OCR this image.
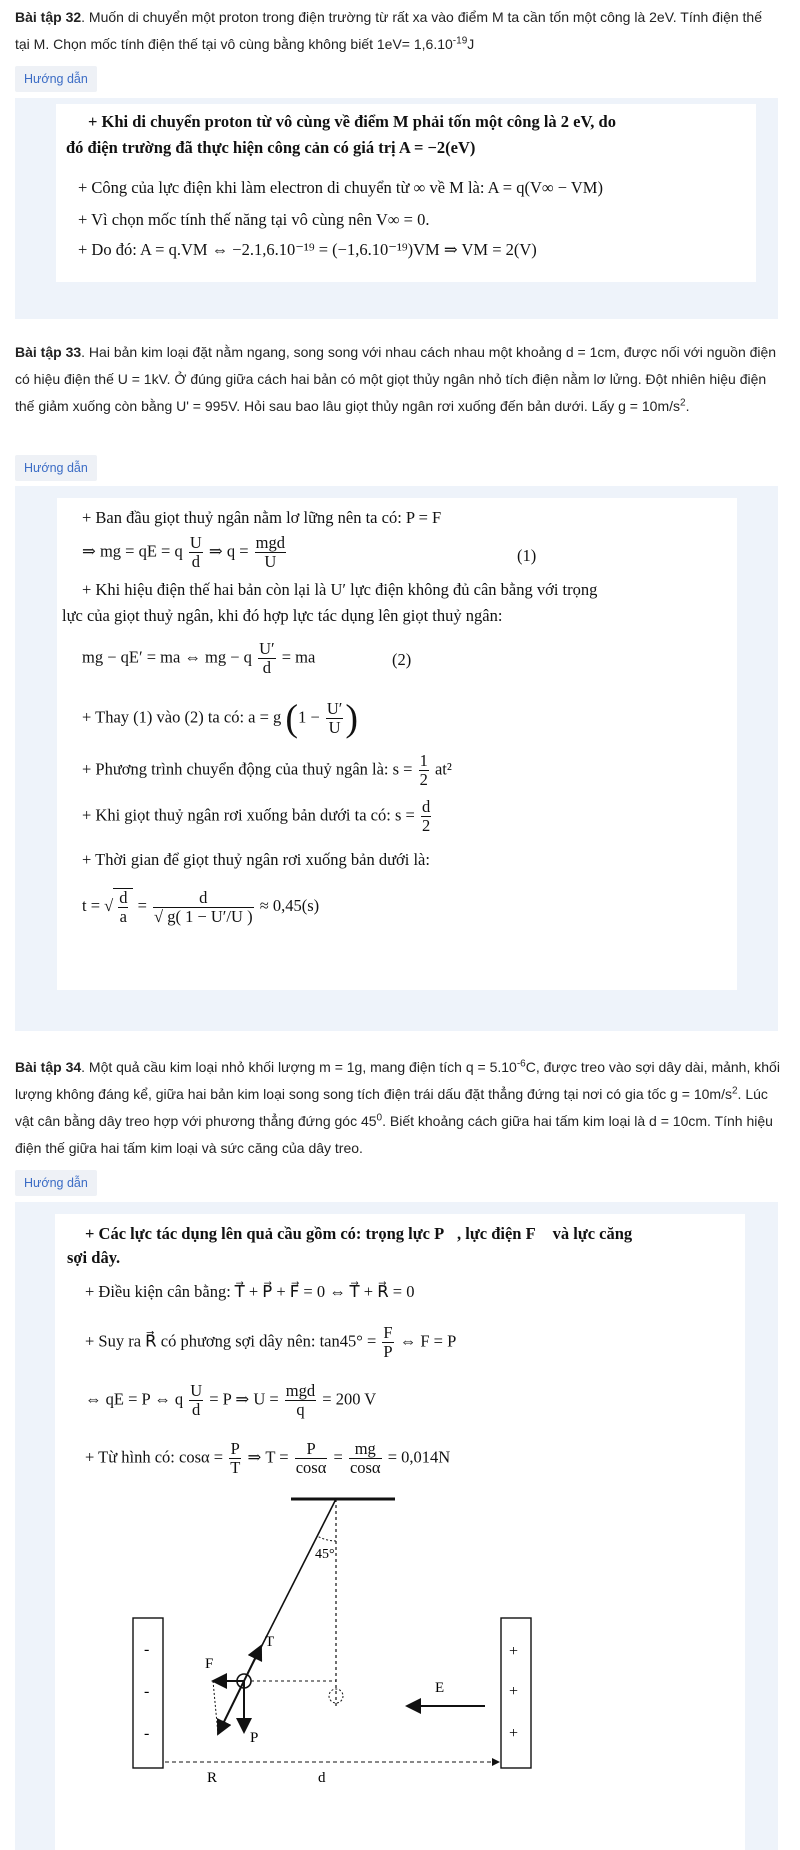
Bài tập 32. Muốn di chuyển một proton trong điện trường từ rất xa vào điểm M ta cần tốn một công là 2eV. Tính điện thế tại M. Chọn mốc tính điện thế tại vô cùng bằng không biết $1eV= 1,6.10^{-19}J$
Hướng dẫn
+ Khi di chuyển proton từ vô cùng về điểm M phải tốn một công là 2 eV, do
đó điện trường đã thực hiện công cản có giá trị A = −2(eV)
+ Công của lực điện khi làm electron di chuyển từ ∞ về M là: A = q(V∞ − VM)
+ Vì chọn mốc tính thế năng tại vô cùng nên V∞ = 0.
+ Do đó: A = q.VM ⇔ −2.1,6.10⁻¹⁹ = (−1,6.10⁻¹⁹)VM ⇒ VM = 2(V)
Bài tập 33. Hai bản kim loại đặt nằm ngang, song song với nhau cách nhau một khoảng d = 1cm, được nối với nguồn điện có hiệu điện thế U = 1kV. Ở đúng giữa cách hai bản có một giọt thủy ngân nhỏ tích điện nằm lơ lửng. Đột nhiên hiệu điện thế giảm xuống còn bằng U' = 995V. Hỏi sau bao lâu giọt thủy ngân rơi xuống đến bản dưới. Lấy $g = 10m/s^2$.
Hướng dẫn
+ Ban đầu giọt thuỷ ngân nằm lơ lững nên ta có: P = F
⇒ mg = qE = q $\frac{U}{d}$ ⇒ $q = \frac{\text{mgd}}{U}$	(1)
+ Khi hiệu điện thế hai bản còn lại là U′ lực điện không đủ cân bằng với trọng
lực của giọt thuỷ ngân, khi đó hợp lực tác dụng lên giọt thuỷ ngân:
mg − qE′ = ma ⇔ mg − q $\frac{U'}{d}$ = ma	(2)
+ Thay (1) vào (2) ta có: a = g ($1 - \frac{U'}{U}$ )
+ Phương trình chuyển động của thuỷ ngân là: $s = \frac{1}{2} at^2$
+ Khi giọt thuỷ ngân rơi xuống bản dưới ta có: $s = \frac{d}{2}$
+ Thời gian để giọt thuỷ ngân rơi xuống bản dưới là:
t = √ $\frac{d}{a} = \frac{d}{√ g( 1 - U'/U )} \approx 0,45(s)$
Bài tập 34. Một quả cầu kim loại nhỏ khối lượng m = 1g, mang điện tích $q = 5.10^{-6}C$, được treo vào sợi dây dài, mảnh, khối lượng không đáng kể, giữa hai bản kim loại song song tích điện trái dấu đặt thẳng đứng tại nơi có gia tốc $g = 10m/s^2$. Lúc vật cân bằng dây treo hợp với phương thẳng đứng góc $45^0$. Biết khoảng cách giữa hai tấm kim loại là d = 10cm. Tính hiệu điện thế giữa hai tấm kim loại và sức căng của dây treo.
Hướng dẫn
+ Các lực tác dụng lên quả cầu gồm có: trọng lực P⃗, lực điện F⃗ và lực căng
sợi dây.
+ Điều kiện cân bằng: T⃗ + P⃗ + F⃗ = 0 ⇔ T⃗ + R⃗ = 0
+ Suy ra R⃗ có phương sợi dây nên: $\tan 45^\circ = \frac{F}{P}$ ⇔ F = P
⇔ qE = P ⇔ q $\frac{U}{d} = P$ ⇒ $U = \frac{\text{mgd}}{q} = 200$ V
+ Từ hình có: $\cos\alpha = \frac{P}{T}$ ⇒ $T = \frac{P}{\cos\alpha} = \frac{mg}{\cos\alpha} = 0,014N$
45°
-
-
-
+
+
+
T
F
P
R
E
d
